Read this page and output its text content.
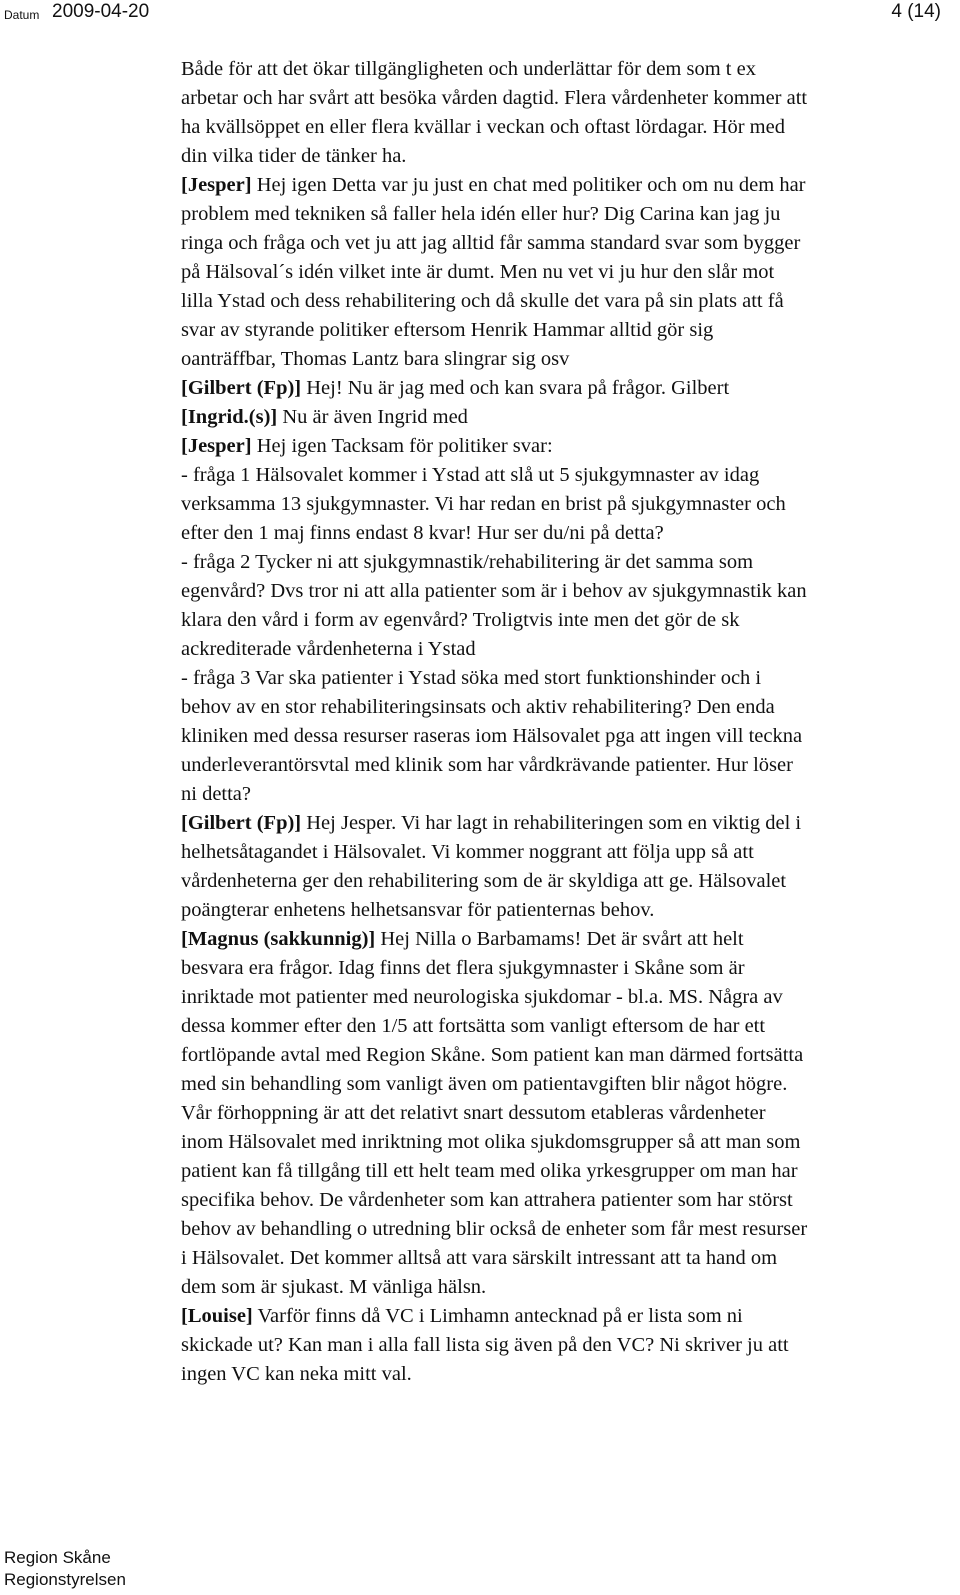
Datum 2009-04-20	4 (14)
Både för att det ökar tillgängligheten och underlättar för dem som t ex
arbetar och har svårt att besöka vården dagtid. Flera vårdenheter kommer att
ha kvällsöppet en eller flera kvällar i veckan och oftast lördagar. Hör med
din vilka tider de tänker ha.
[Jesper] Hej igen Detta var ju just en chat med politiker och om nu dem har
problem med tekniken så faller hela idén eller hur? Dig Carina kan jag ju
ringa och fråga och vet ju att jag alltid får samma standard svar som bygger
på Hälsoval´s idén vilket inte är dumt. Men nu vet vi ju hur den slår mot
lilla Ystad och dess rehabilitering och då skulle det vara på sin plats att få
svar av styrande politiker eftersom Henrik Hammar alltid gör sig
oanträffbar, Thomas Lantz bara slingrar sig osv
[Gilbert (Fp)] Hej! Nu är jag med och kan svara på frågor. Gilbert
[Ingrid.(s)] Nu är även Ingrid med
[Jesper] Hej igen Tacksam för politiker svar:
- fråga 1 Hälsovalet kommer i Ystad att slå ut 5 sjukgymnaster av idag
verksamma 13 sjukgymnaster. Vi har redan en brist på sjukgymnaster och
efter den 1 maj finns endast 8 kvar! Hur ser du/ni på detta?
- fråga 2 Tycker ni att sjukgymnastik/rehabilitering är det samma som
egenvård? Dvs tror ni att alla patienter som är i behov av sjukgymnastik kan
klara den vård i form av egenvård? Troligtvis inte men det gör de sk
ackrediterade vårdenheterna i Ystad
- fråga 3 Var ska patienter i Ystad söka med stort funktionshinder och i
behov av en stor rehabiliteringsinsats och aktiv rehabilitering? Den enda
kliniken med dessa resurser raseras iom Hälsovalet pga att ingen vill teckna
underleverantörsvtal med klinik som har vårdkrävande patienter. Hur löser
ni detta?
[Gilbert (Fp)] Hej Jesper. Vi har lagt in rehabiliteringen som en viktig del i
helhetsåtagandet i Hälsovalet. Vi kommer noggrant att följa upp så att
vårdenheterna ger den rehabilitering som de är skyldiga att ge. Hälsovalet
poängterar enhetens helhetsansvar för patienternas behov.
[Magnus (sakkunnig)] Hej Nilla o Barbamams! Det är svårt att helt
besvara era frågor. Idag finns det flera sjukgymnaster i Skåne som är
inriktade mot patienter med neurologiska sjukdomar - bl.a. MS. Några av
dessa kommer efter den 1/5 att fortsätta som vanligt eftersom de har ett
fortlöpande avtal med Region Skåne. Som patient kan man därmed fortsätta
med sin behandling som vanligt även om patientavgiften blir något högre.
Vår förhoppning är att det relativt snart dessutom etableras vårdenheter
inom Hälsovalet med inriktning mot olika sjukdomsgrupper så att man som
patient kan få tillgång till ett helt team med olika yrkesgrupper om man har
specifika behov. De vårdenheter som kan attrahera patienter som har störst
behov av behandling o utredning blir också de enheter som får mest resurser
i Hälsovalet. Det kommer alltså att vara särskilt intressant att ta hand om
dem som är sjukast. M vänliga hälsn.
[Louise] Varför finns då VC i Limhamn antecknad på er lista som ni
skickade ut? Kan man i alla fall lista sig även på den VC? Ni skriver ju att
ingen VC kan neka mitt val.
Region Skåne
Regionstyrelsen
